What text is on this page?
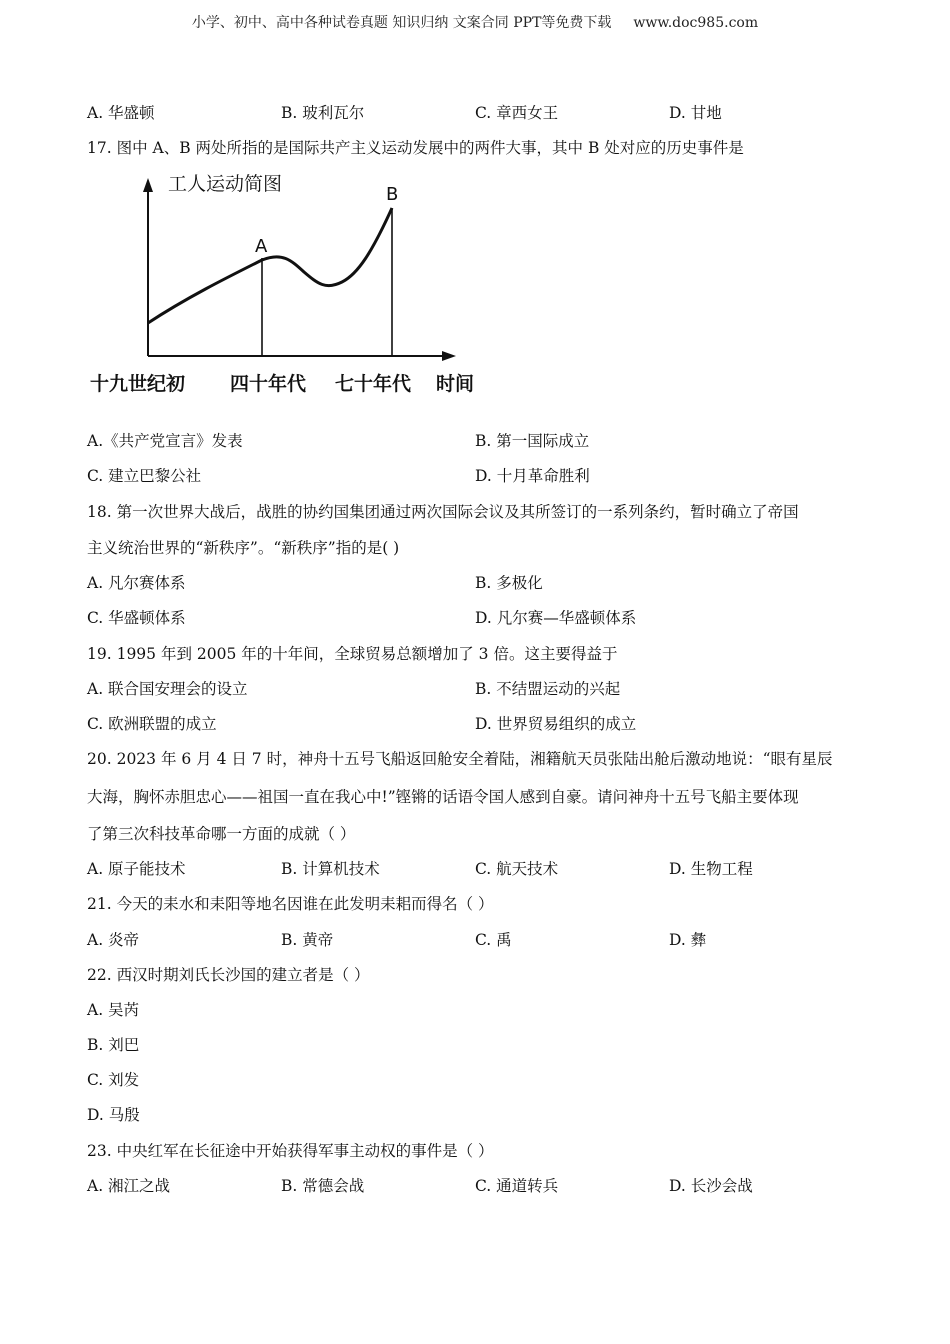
小学、初中、高中各种试卷真题 知识归纳 文案合同 PPT等免费下载 www.doc985.com
A. 华盛顿	B. 玻利瓦尔	C. 章西女王	D. 甘地
17. 图中 A、B 两处所指的是国际共产主义运动发展中的两件大事，其中 B 处对应的历史事件是
工人运动简图
A
B
十九世纪初 四十年代 七十年代 时间
A.《共产党宣言》发表	B. 第一国际成立
C. 建立巴黎公社	D. 十月革命胜利
18. 第一次世界大战后，战胜的协约国集团通过两次国际会议及其所签订的一系列条约，暂时确立了帝国
主义统治世界的“新秩序”。“新秩序”指的是( )
A. 凡尔赛体系	B. 多极化
C. 华盛顿体系	D. 凡尔赛—华盛顿体系
19. 1995 年到 2005 年的十年间，全球贸易总额增加了 3 倍。这主要得益于
A. 联合国安理会的设立	B. 不结盟运动的兴起
C. 欧洲联盟的成立	D. 世界贸易组织的成立
20. 2023 年 6 月 4 日 7 时，神舟十五号飞船返回舱安全着陆，湘籍航天员张陆出舱后激动地说：“眼有星辰
大海，胸怀赤胆忠心——祖国一直在我心中!”铿锵的话语令国人感到自豪。请问神舟十五号飞船主要体现
了第三次科技革命哪一方面的成就（ ）
A. 原子能技术	B. 计算机技术	C. 航天技术	D. 生物工程
21. 今天的耒水和耒阳等地名因谁在此发明耒耜而得名（ ）
A. 炎帝	B. 黄帝	C. 禹	D. 彝
22. 西汉时期刘氏长沙国的建立者是（ ）
A. 吴芮
B. 刘巴
C. 刘发
D. 马殷
23. 中央红军在长征途中开始获得军事主动权的事件是（ ）
A. 湘江之战	B. 常德会战	C. 通道转兵	D. 长沙会战
